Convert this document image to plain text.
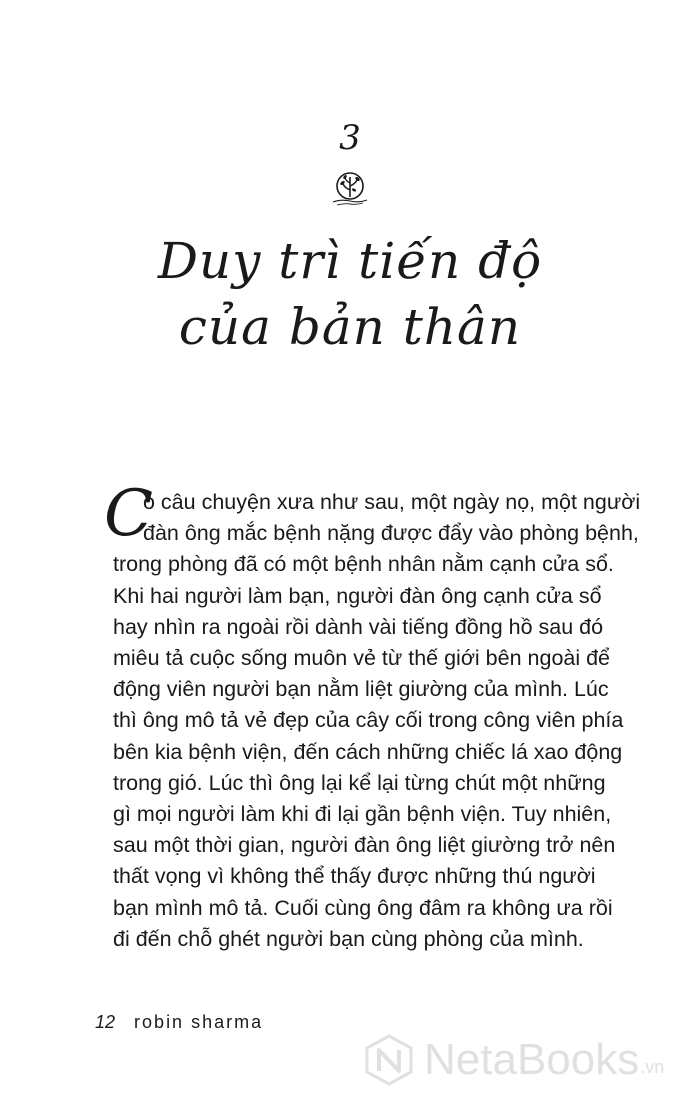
3
Duy trì tiến độ
của bản thân
C
ó câu chuyện xưa như sau, một ngày nọ, một người
đàn ông mắc bệnh nặng được đẩy vào phòng bệnh,
trong phòng đã có một bệnh nhân nằm cạnh cửa sổ.
Khi hai người làm bạn, người đàn ông cạnh cửa sổ
hay nhìn ra ngoài rồi dành vài tiếng đồng hồ sau đó
miêu tả cuộc sống muôn vẻ từ thế giới bên ngoài để
động viên người bạn nằm liệt giường của mình. Lúc
thì ông mô tả vẻ đẹp của cây cối trong công viên phía
bên kia bệnh viện, đến cách những chiếc lá xao động
trong gió. Lúc thì ông lại kể lại từng chút một những
gì mọi người làm khi đi lại gần bệnh viện. Tuy nhiên,
sau một thời gian, người đàn ông liệt giường trở nên
thất vọng vì không thể thấy được những thú người
bạn mình mô tả. Cuối cùng ông đâm ra không ưa rồi
đi đến chỗ ghét người bạn cùng phòng của mình.
12 robin sharma
NetaBooks .vn
